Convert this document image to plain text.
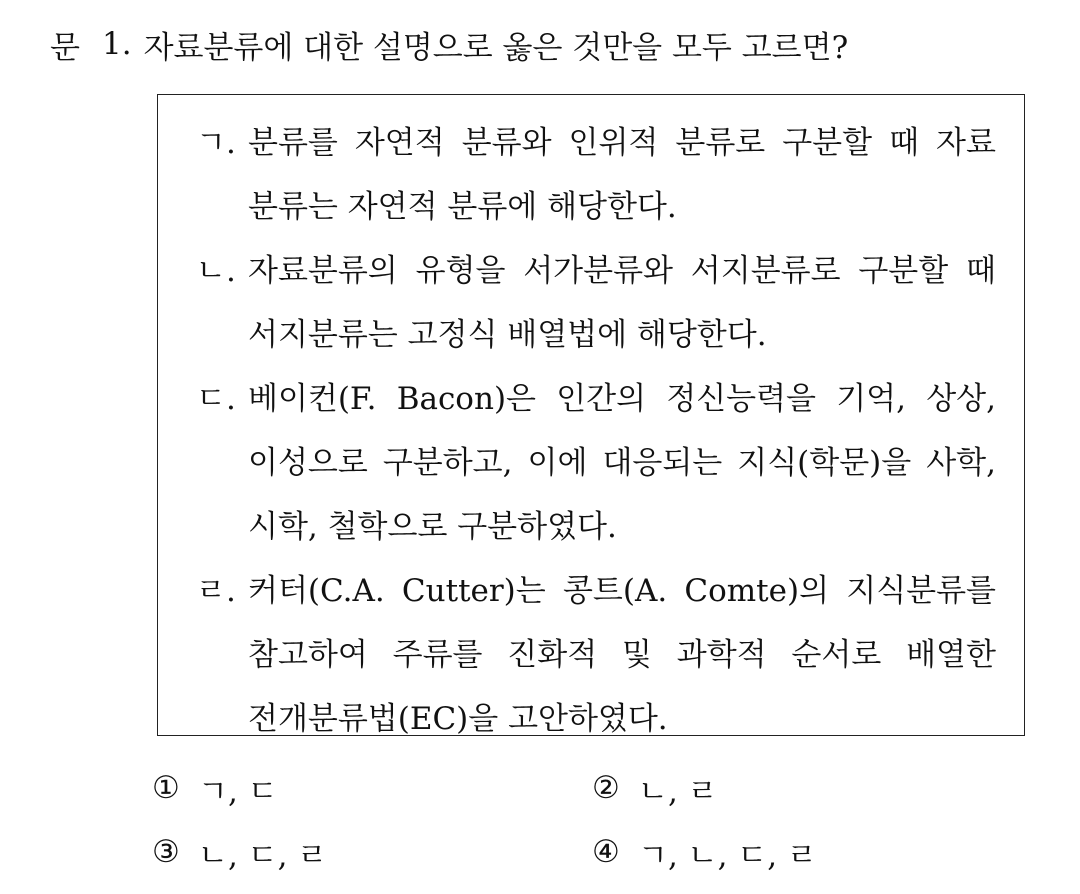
문 1. 자료분류에 대한 설명으로 옳은 것만을 모두 고르면?
ㄱ. 분류를 자연적 분류와 인위적 분류로 구분할 때 자료
분류는 자연적 분류에 해당한다.
ㄴ. 자료분류의 유형을 서가분류와 서지분류로 구분할 때
서지분류는 고정식 배열법에 해당한다.
ㄷ. 베이컨(F. Bacon)은 인간의 정신능력을 기억, 상상,
이성으로 구분하고, 이에 대응되는 지식(학문)을 사학,
시학, 철학으로 구분하였다.
ㄹ. 커터(C.A. Cutter)는 콩트(A. Comte)의 지식분류를
참고하여 주류를 진화적 및 과학적 순서로 배열한
전개분류법(EC)을 고안하였다.
① ㄱ, ㄷ	② ㄴ, ㄹ
③ ㄴ, ㄷ, ㄹ	④ ㄱ, ㄴ, ㄷ, ㄹ
